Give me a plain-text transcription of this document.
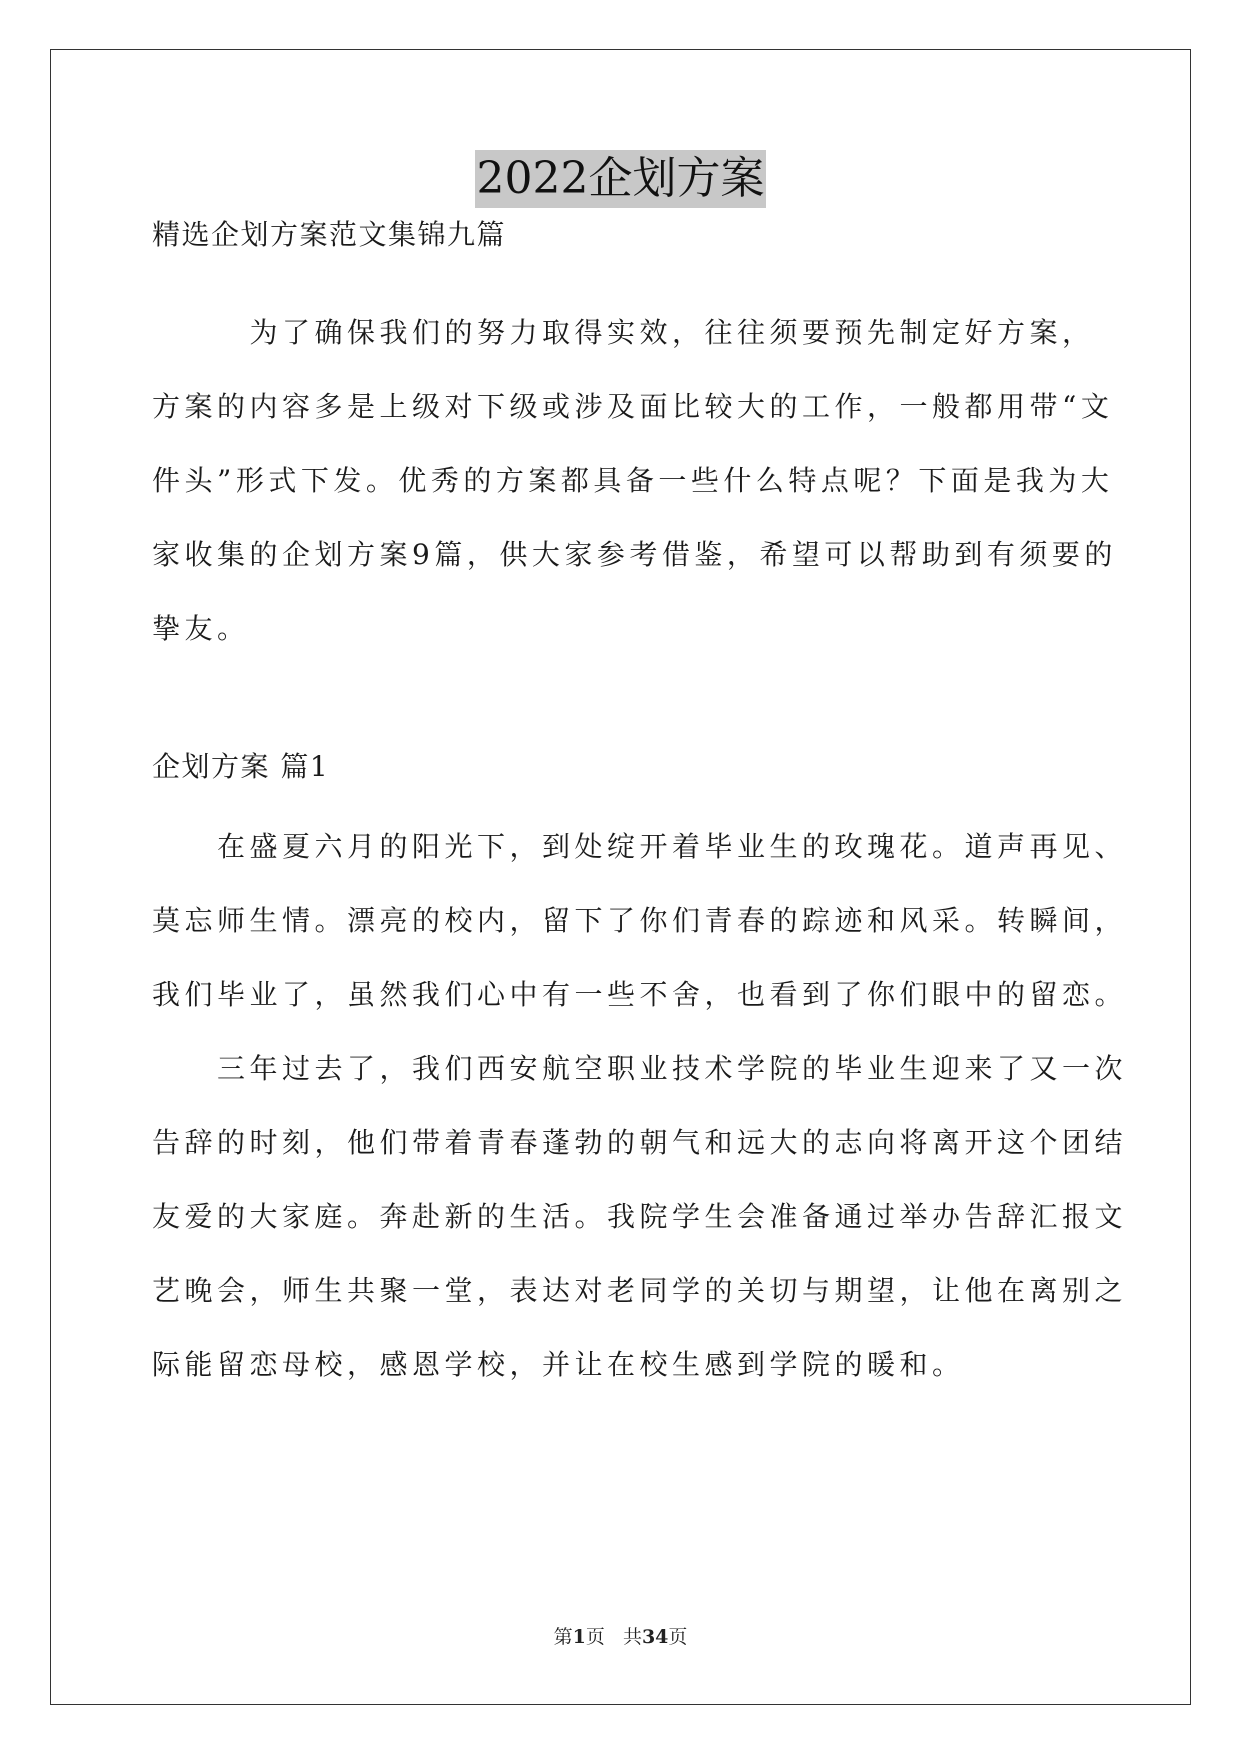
2022企划方案
精选企划方案范文集锦九篇
　　　为了确保我们的努力取得实效，往往须要预先制定好方案，
方案的内容多是上级对下级或涉及面比较大的工作，一般都用带“文
件头”形式下发。优秀的方案都具备一些什么特点呢？下面是我为大
家收集的企划方案9篇，供大家参考借鉴，希望可以帮助到有须要的
挚友。
企划方案 篇1
　　在盛夏六月的阳光下，到处绽开着毕业生的玫瑰花。道声再见、
莫忘师生情。漂亮的校内，留下了你们青春的踪迹和风采。转瞬间，
我们毕业了，虽然我们心中有一些不舍，也看到了你们眼中的留恋。
　　三年过去了，我们西安航空职业技术学院的毕业生迎来了又一次
告辞的时刻，他们带着青春蓬勃的朝气和远大的志向将离开这个团结
友爱的大家庭。奔赴新的生活。我院学生会准备通过举办告辞汇报文
艺晚会，师生共聚一堂，表达对老同学的关切与期望，让他在离别之
际能留恋母校，感恩学校，并让在校生感到学院的暖和。
第1页   共34页
